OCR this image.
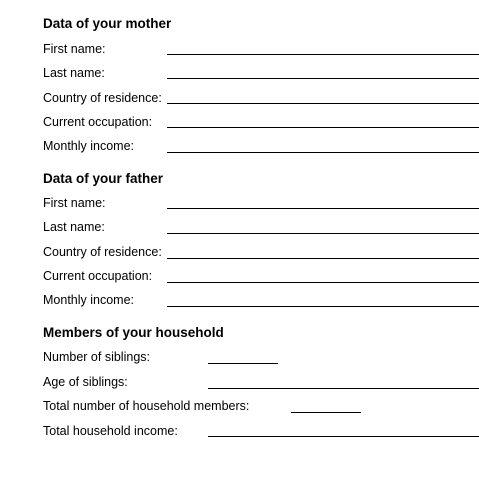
Data of your mother
First name:
Last name:
Country of residence:
Current occupation:
Monthly income:
Data of your father
First name:
Last name:
Country of residence:
Current occupation:
Monthly income:
Members of your household
Number of siblings:
Age of siblings:
Total number of household members:
Total household income:
